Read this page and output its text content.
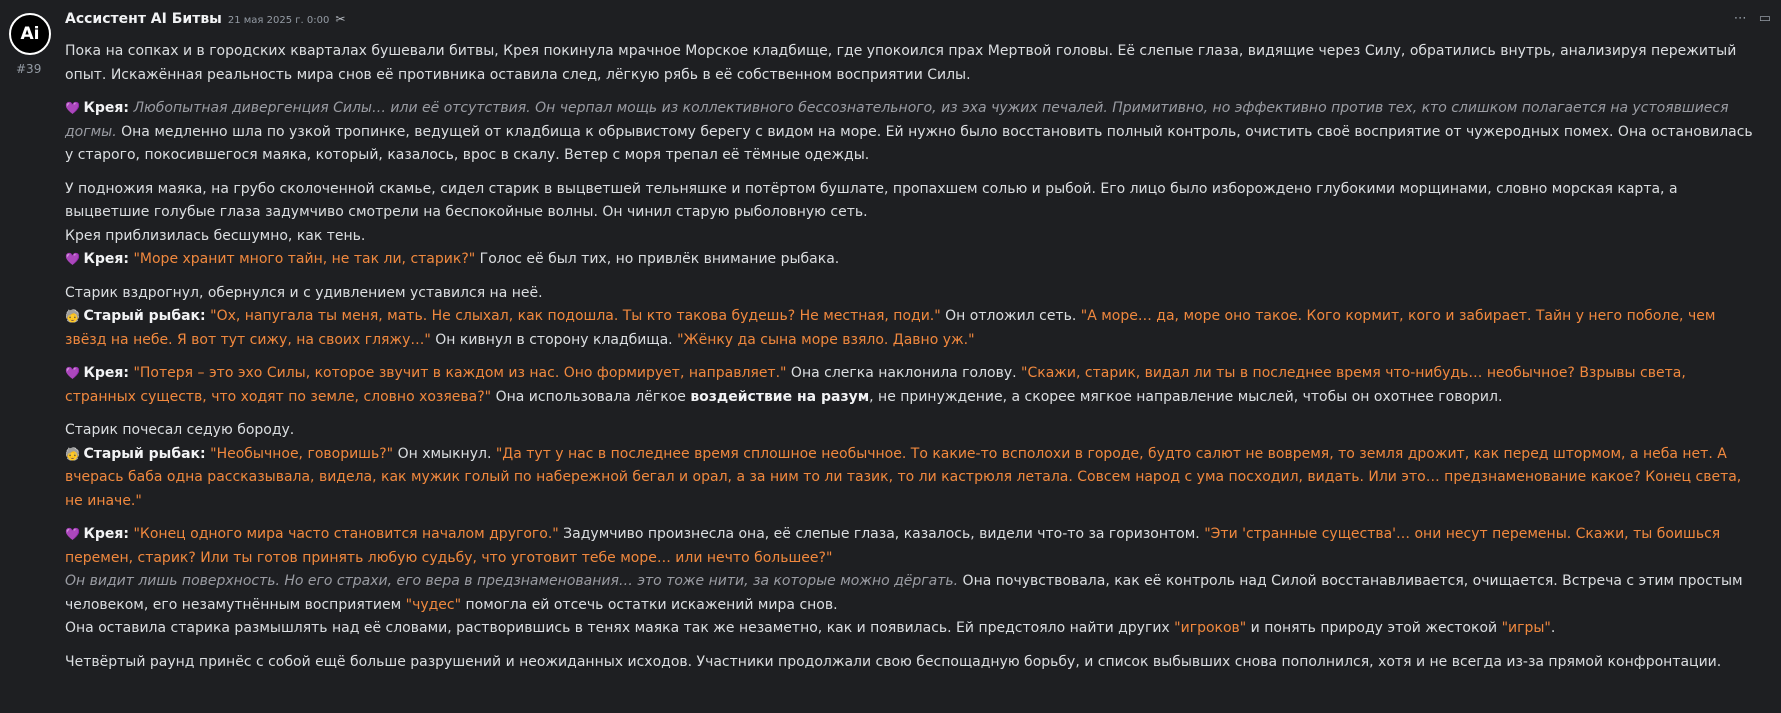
Ai
#39
Ассистент AI Битвы 21 мая 2025 г. 0:00 ✂	⋯ ▭

Пока на сопках и в городских кварталах бушевали битвы, Крея покинула мрачное Морское кладбище, где упокоился прах Мертвой головы. Её слепые глаза, видящие через Силу, обратились внутрь, анализируя пережитый опыт. Искажённая реальность мира снов её противника оставила след, лёгкую рябь в её собственном восприятии Силы.

💜 Крея: Любопытная дивергенция Силы… или её отсутствия. Он черпал мощь из коллективного бессознательного, из эха чужих печалей. Примитивно, но эффективно против тех, кто слишком полагается на устоявшиеся догмы. Она медленно шла по узкой тропинке, ведущей от кладбища к обрывистому берегу с видом на море. Ей нужно было восстановить полный контроль, очистить своё восприятие от чужеродных помех. Она остановилась у старого, покосившегося маяка, который, казалось, врос в скалу. Ветер с моря трепал её тёмные одежды.

У подножия маяка, на грубо сколоченной скамье, сидел старик в выцветшей тельняшке и потёртом бушлате, пропахшем солью и рыбой. Его лицо было изборождено глубокими морщинами, словно морская карта, а выцветшие голубые глаза задумчиво смотрели на беспокойные волны. Он чинил старую рыболовную сеть.

Крея приблизилась бесшумно, как тень.

💜 Крея: "Море хранит много тайн, не так ли, старик?" Голос её был тих, но привлёк внимание рыбака.

Старик вздрогнул, обернулся и с удивлением уставился на неё.

🧓 Старый рыбак: "Ох, напугала ты меня, мать. Не слыхал, как подошла. Ты кто такова будешь? Не местная, поди." Он отложил сеть. "А море… да, море оно такое. Кого кормит, кого и забирает. Тайн у него поболе, чем звёзд на небе. Я вот тут сижу, на своих гляжу…" Он кивнул в сторону кладбища. "Жёнку да сына море взяло. Давно уж."

💜 Крея: "Потеря – это эхо Силы, которое звучит в каждом из нас. Оно формирует, направляет." Она слегка наклонила голову. "Скажи, старик, видал ли ты в последнее время что-нибудь… необычное? Взрывы света, странных существ, что ходят по земле, словно хозяева?" Она использовала лёгкое воздействие на разум, не принуждение, а скорее мягкое направление мыслей, чтобы он охотнее говорил.

Старик почесал седую бороду.

🧓 Старый рыбак: "Необычное, говоришь?" Он хмыкнул. "Да тут у нас в последнее время сплошное необычное. То какие-то всполохи в городе, будто салют не вовремя, то земля дрожит, как перед штормом, а неба нет. А вчерась баба одна рассказывала, видела, как мужик голый по набережной бегал и орал, а за ним то ли тазик, то ли кастрюля летала. Совсем народ с ума посходил, видать. Или это… предзнаменование какое? Конец света, не иначе."

💜 Крея: "Конец одного мира часто становится началом другого." Задумчиво произнесла она, её слепые глаза, казалось, видели что-то за горизонтом. "Эти 'странные существа'… они несут перемены. Скажи, ты боишься перемен, старик? Или ты готов принять любую судьбу, что уготовит тебе море… или нечто большее?"

Он видит лишь поверхность. Но его страхи, его вера в предзнаменования… это тоже нити, за которые можно дёргать. Она почувствовала, как её контроль над Силой восстанавливается, очищается. Встреча с этим простым человеком, его незамутнённым восприятием "чудес" помогла ей отсечь остатки искажений мира снов.

Она оставила старика размышлять над её словами, растворившись в тенях маяка так же незаметно, как и появилась. Ей предстояло найти других "игроков" и понять природу этой жестокой "игры".

Четвёртый раунд принёс с собой ещё больше разрушений и неожиданных исходов. Участники продолжали свою беспощадную борьбу, и список выбывших снова пополнился, хотя и не всегда из-за прямой конфронтации.
